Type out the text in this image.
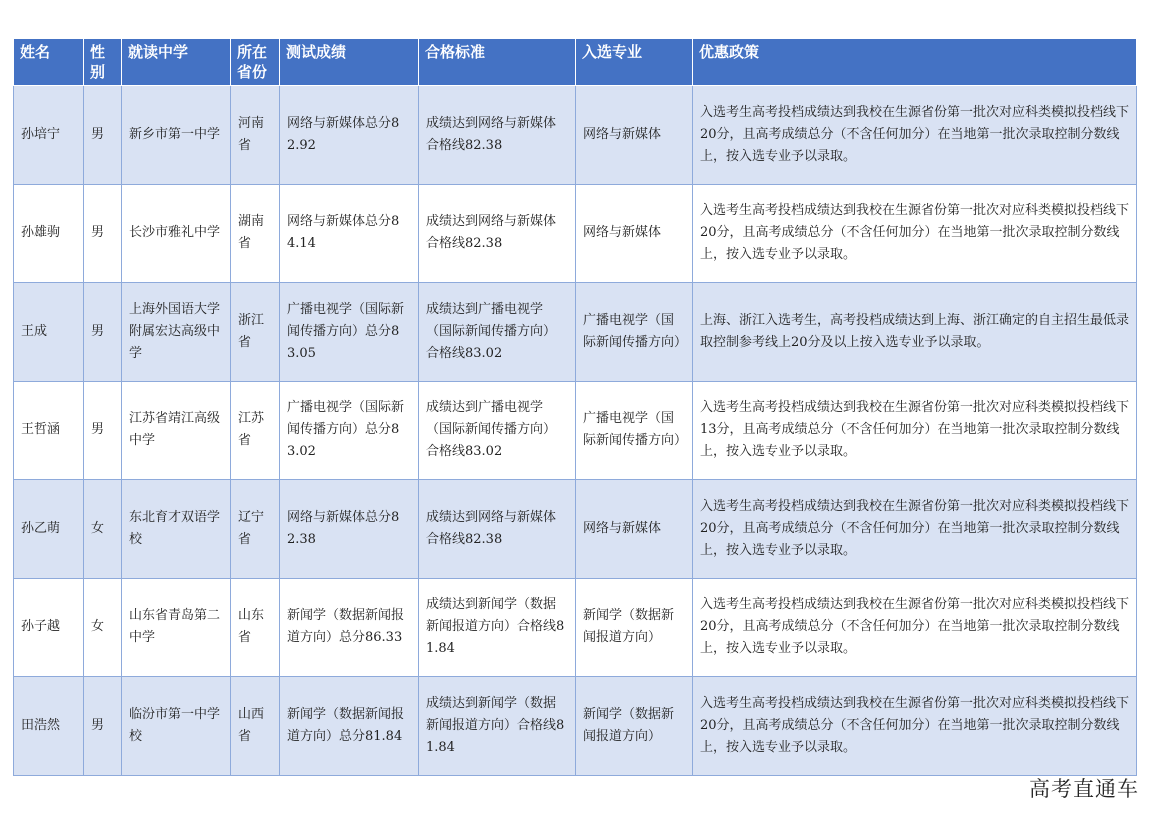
姓名	性别	就读中学	所在省份	测试成绩	合格标准	入选专业	优惠政策
孙培宁	男	新乡市第一中学	河南省	网络与新媒体总分82.92	成绩达到网络与新媒体合格线82.38	网络与新媒体	入选考生高考投档成绩达到我校在生源省份第一批次对应科类模拟投档线下20分，且高考成绩总分（不含任何加分）在当地第一批次录取控制分数线上，按入选专业予以录取。
孙雄驹	男	长沙市雅礼中学	湖南省	网络与新媒体总分84.14	成绩达到网络与新媒体合格线82.38	网络与新媒体	入选考生高考投档成绩达到我校在生源省份第一批次对应科类模拟投档线下20分，且高考成绩总分（不含任何加分）在当地第一批次录取控制分数线上，按入选专业予以录取。
王成	男	上海外国语大学附属宏达高级中学	浙江省	广播电视学（国际新闻传播方向）总分83.05	成绩达到广播电视学（国际新闻传播方向）合格线83.02	广播电视学（国际新闻传播方向）	上海、浙江入选考生，高考投档成绩达到上海、浙江确定的自主招生最低录取控制参考线上20分及以上按入选专业予以录取。
王哲涵	男	江苏省靖江高级中学	江苏省	广播电视学（国际新闻传播方向）总分83.02	成绩达到广播电视学（国际新闻传播方向）合格线83.02	广播电视学（国际新闻传播方向）	入选考生高考投档成绩达到我校在生源省份第一批次对应科类模拟投档线下13分，且高考成绩总分（不含任何加分）在当地第一批次录取控制分数线上，按入选专业予以录取。
孙乙萌	女	东北育才双语学校	辽宁省	网络与新媒体总分82.38	成绩达到网络与新媒体合格线82.38	网络与新媒体	入选考生高考投档成绩达到我校在生源省份第一批次对应科类模拟投档线下20分，且高考成绩总分（不含任何加分）在当地第一批次录取控制分数线上，按入选专业予以录取。
孙子越	女	山东省青岛第二中学	山东省	新闻学（数据新闻报道方向）总分86.33	成绩达到新闻学（数据新闻报道方向）合格线81.84	新闻学（数据新闻报道方向）	入选考生高考投档成绩达到我校在生源省份第一批次对应科类模拟投档线下20分，且高考成绩总分（不含任何加分）在当地第一批次录取控制分数线上，按入选专业予以录取。
田浩然	男	临汾市第一中学校	山西省	新闻学（数据新闻报道方向）总分81.84	成绩达到新闻学（数据新闻报道方向）合格线81.84	新闻学（数据新闻报道方向）	入选考生高考投档成绩达到我校在生源省份第一批次对应科类模拟投档线下20分，且高考成绩总分（不含任何加分）在当地第一批次录取控制分数线上，按入选专业予以录取。
高考直通车
